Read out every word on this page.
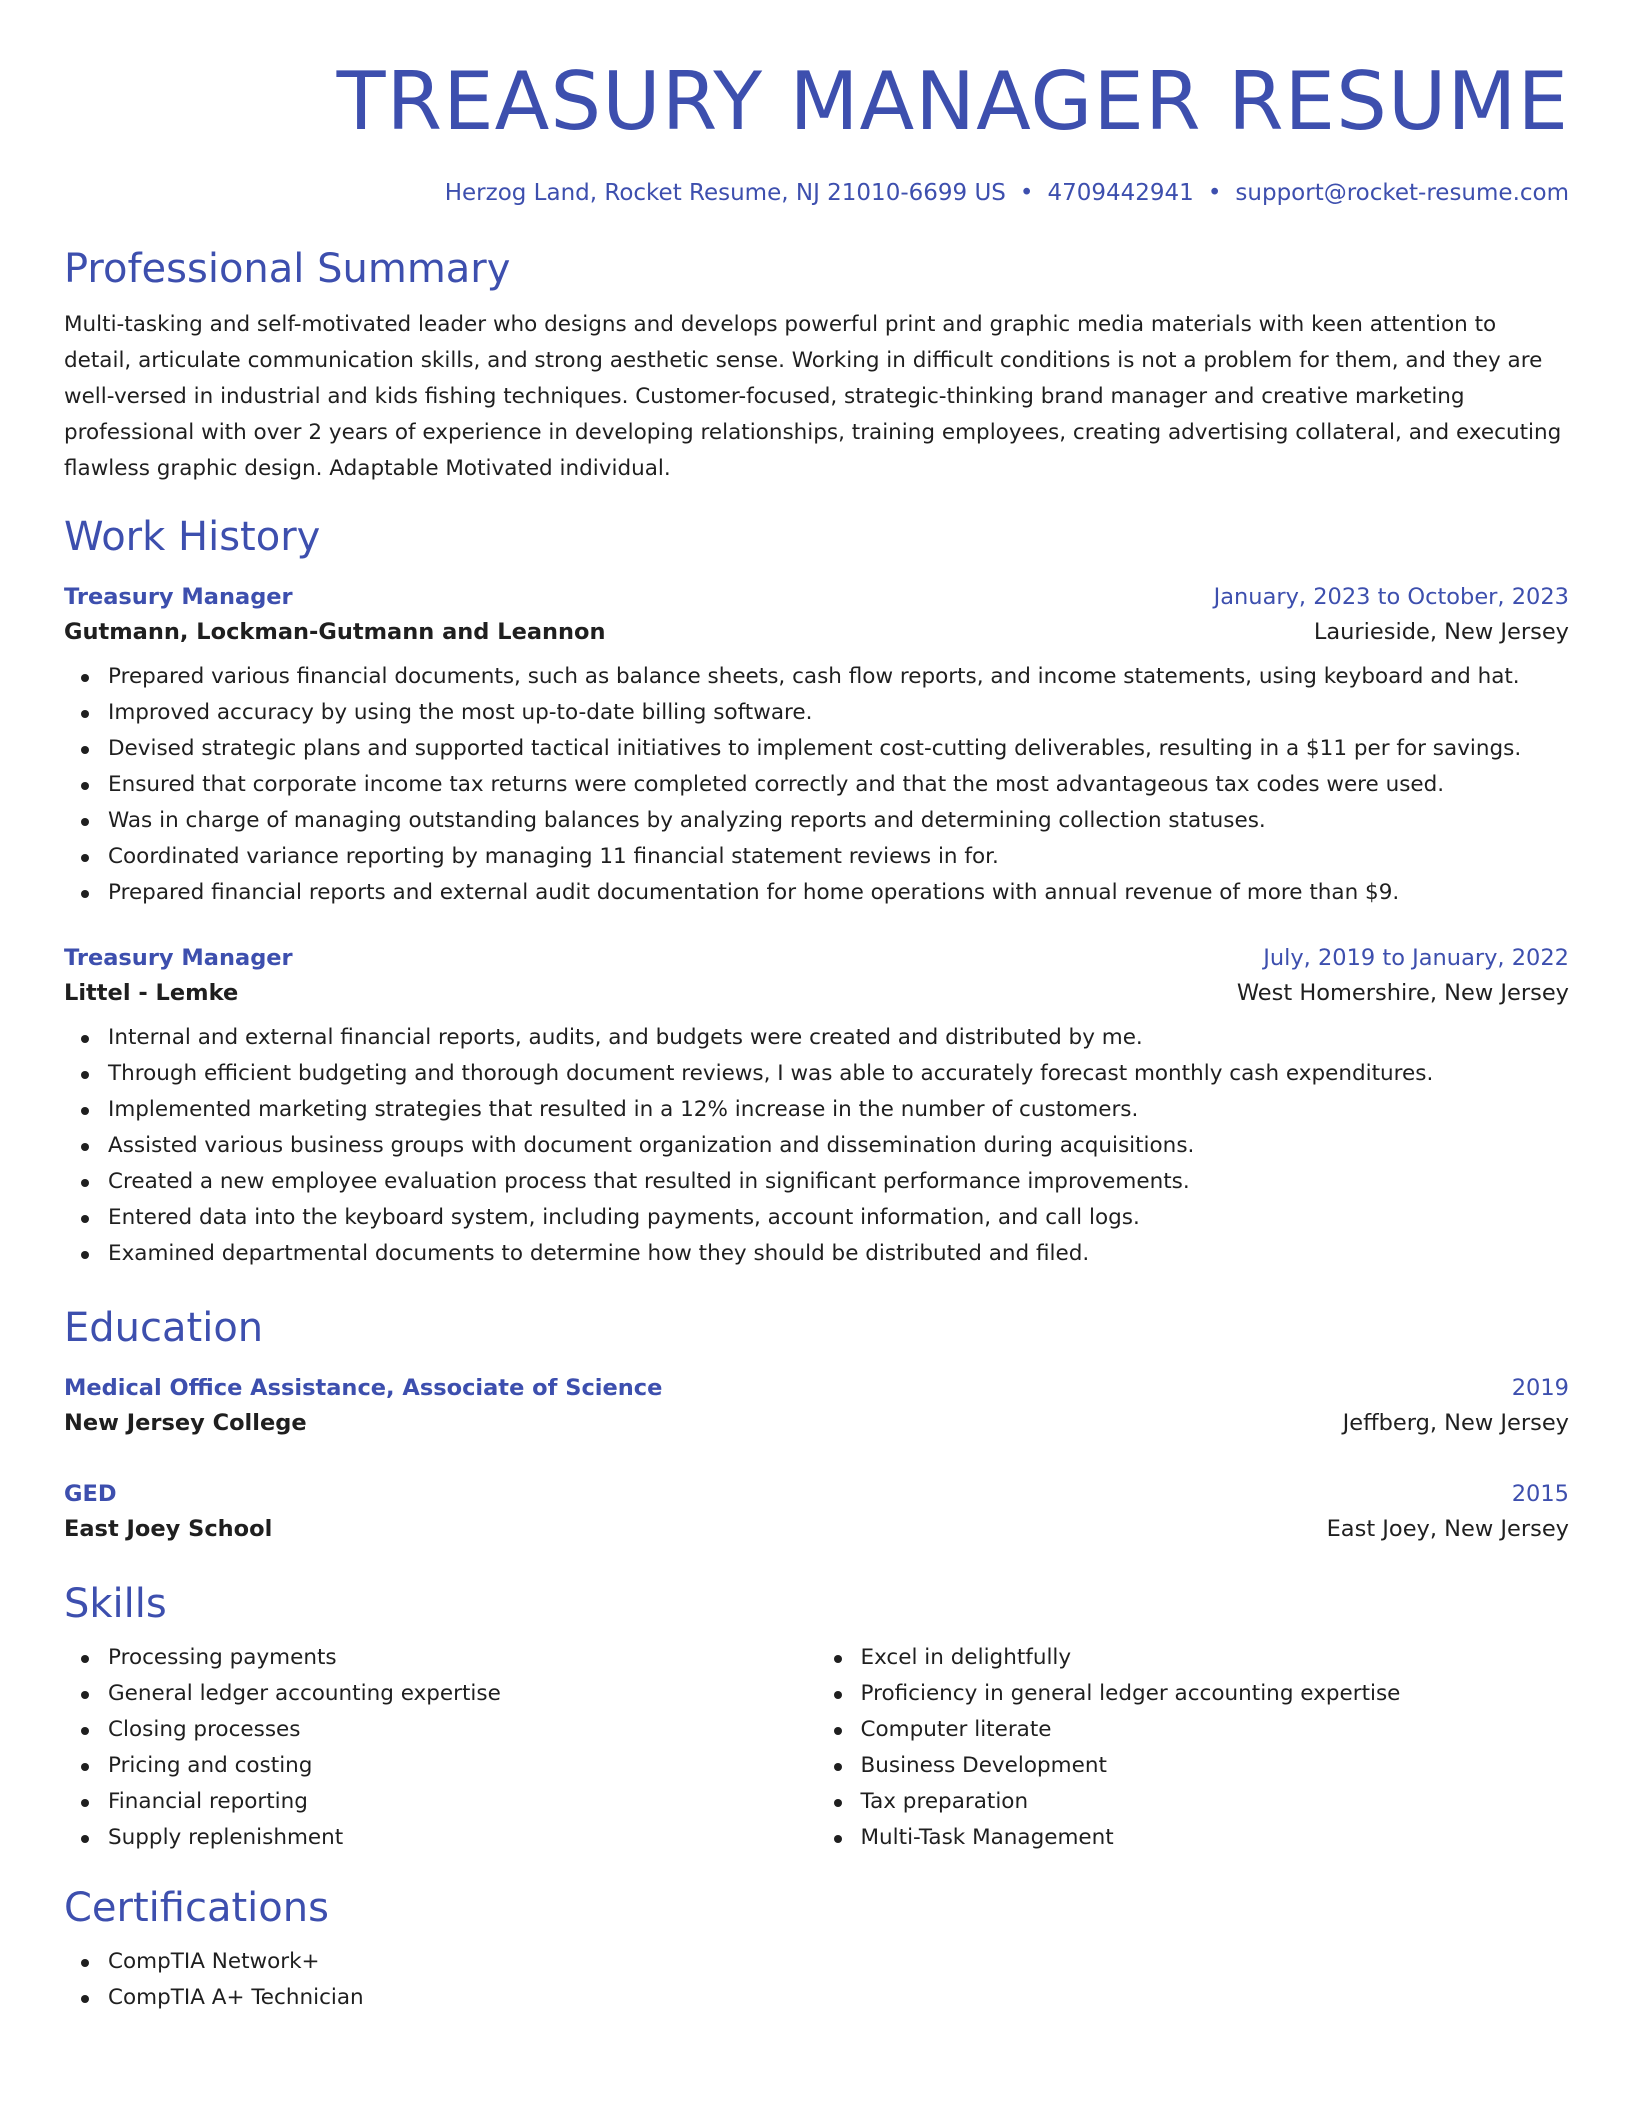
TREASURY MANAGER RESUME
Herzog Land, Rocket Resume, NJ 21010-6699 US • 4709442941 • support@rocket-resume.com
Professional Summary
Multi-tasking and self-motivated leader who designs and develops powerful print and graphic media materials with keen attention to detail, articulate communication skills, and strong aesthetic sense. Working in difficult conditions is not a problem for them, and they are well-versed in industrial and kids fishing techniques. Customer-focused, strategic-thinking brand manager and creative marketing professional with over 2 years of experience in developing relationships, training employees, creating advertising collateral, and executing flawless graphic design. Adaptable Motivated individual.
Work History
Treasury Manager	January, 2023 to October, 2023
Gutmann, Lockman-Gutmann and Leannon	Laurieside, New Jersey
Prepared various financial documents, such as balance sheets, cash flow reports, and income statements, using keyboard and hat.
Improved accuracy by using the most up-to-date billing software.
Devised strategic plans and supported tactical initiatives to implement cost-cutting deliverables, resulting in a $11 per for savings.
Ensured that corporate income tax returns were completed correctly and that the most advantageous tax codes were used.
Was in charge of managing outstanding balances by analyzing reports and determining collection statuses.
Coordinated variance reporting by managing 11 financial statement reviews in for.
Prepared financial reports and external audit documentation for home operations with annual revenue of more than $9.
Treasury Manager	July, 2019 to January, 2022
Littel - Lemke	West Homershire, New Jersey
Internal and external financial reports, audits, and budgets were created and distributed by me.
Through efficient budgeting and thorough document reviews, I was able to accurately forecast monthly cash expenditures.
Implemented marketing strategies that resulted in a 12% increase in the number of customers.
Assisted various business groups with document organization and dissemination during acquisitions.
Created a new employee evaluation process that resulted in significant performance improvements.
Entered data into the keyboard system, including payments, account information, and call logs.
Examined departmental documents to determine how they should be distributed and filed.
Education
Medical Office Assistance, Associate of Science	2019
New Jersey College	Jeffberg, New Jersey
GED	2015
East Joey School	East Joey, New Jersey
Skills
Processing payments
General ledger accounting expertise
Closing processes
Pricing and costing
Financial reporting
Supply replenishment
Excel in delightfully
Proficiency in general ledger accounting expertise
Computer literate
Business Development
Tax preparation
Multi-Task Management
Certifications
CompTIA Network+
CompTIA A+ Technician
